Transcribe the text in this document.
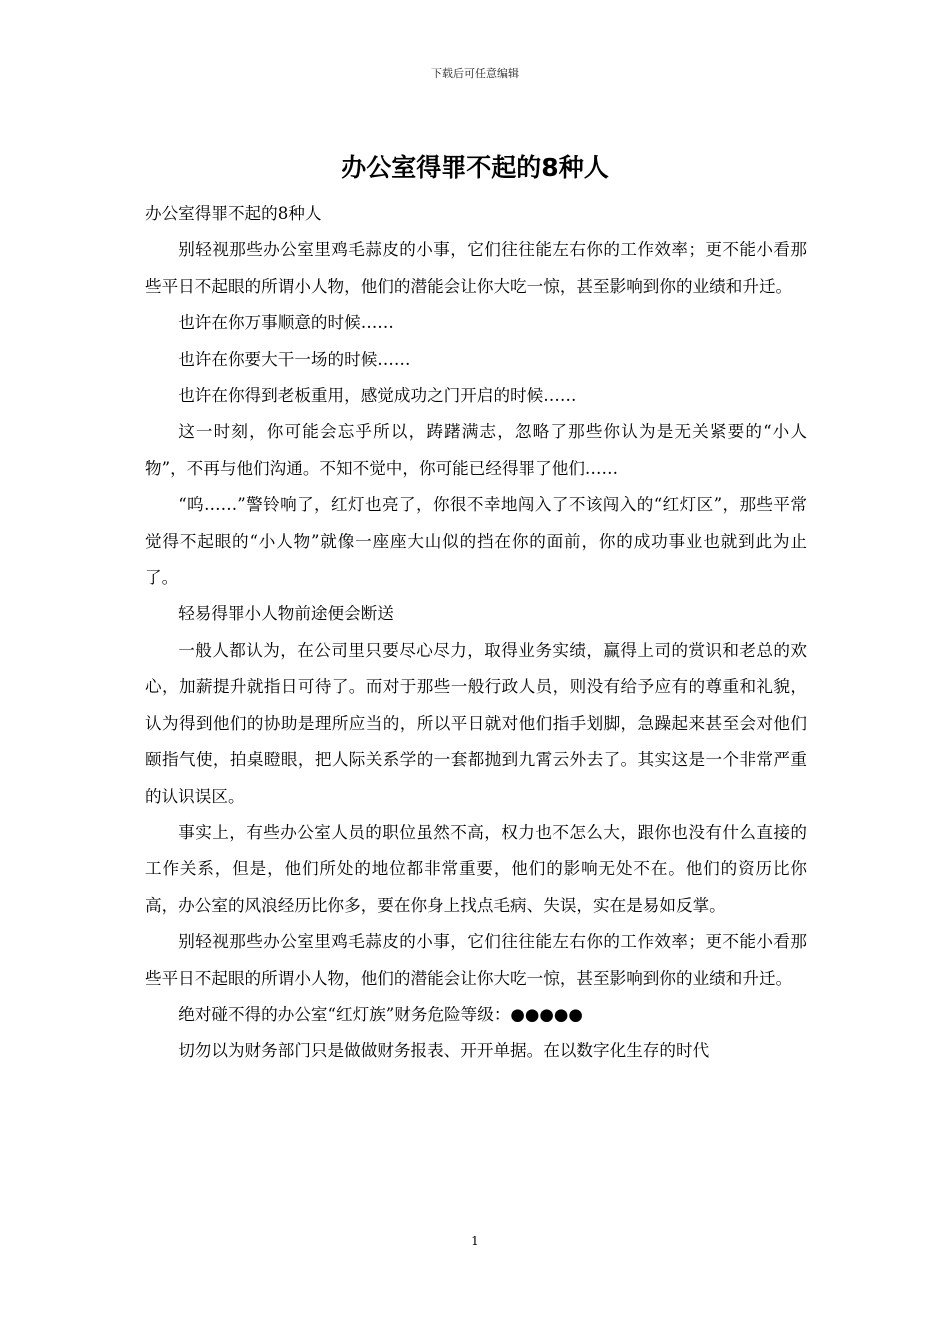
下载后可任意编辑
办公室得罪不起的8种人

办公室得罪不起的8种人

别轻视那些办公室里鸡毛蒜皮的小事，它们往往能左右你的工作效率；更不能小看那些平日不起眼的所谓小人物，他们的潜能会让你大吃一惊，甚至影响到你的业绩和升迁。

也许在你万事顺意的时候……

也许在你要大干一场的时候……

也许在你得到老板重用，感觉成功之门开启的时候……

这一时刻，你可能会忘乎所以，踌躇满志，忽略了那些你认为是无关紧要的“小人物”，不再与他们沟通。不知不觉中，你可能已经得罪了他们……

“呜……”警铃响了，红灯也亮了，你很不幸地闯入了不该闯入的“红灯区”，那些平常觉得不起眼的“小人物”就像一座座大山似的挡在你的面前，你的成功事业也就到此为止了。

轻易得罪小人物前途便会断送

一般人都认为，在公司里只要尽心尽力，取得业务实绩，赢得上司的赏识和老总的欢心，加薪提升就指日可待了。而对于那些一般行政人员，则没有给予应有的尊重和礼貌，认为得到他们的协助是理所应当的，所以平日就对他们指手划脚，急躁起来甚至会对他们颐指气使，拍桌瞪眼，把人际关系学的一套都抛到九霄云外去了。其实这是一个非常严重的认识误区。

事实上，有些办公室人员的职位虽然不高，权力也不怎么大，跟你也没有什么直接的工作关系，但是，他们所处的地位都非常重要，他们的影响无处不在。他们的资历比你高，办公室的风浪经历比你多，要在你身上找点毛病、失误，实在是易如反掌。

别轻视那些办公室里鸡毛蒜皮的小事，它们往往能左右你的工作效率；更不能小看那些平日不起眼的所谓小人物，他们的潜能会让你大吃一惊，甚至影响到你的业绩和升迁。

绝对碰不得的办公室“红灯族”财务危险等级：●●●●●

切勿以为财务部门只是做做财务报表、开开单据。在以数字化生存的时代

1
